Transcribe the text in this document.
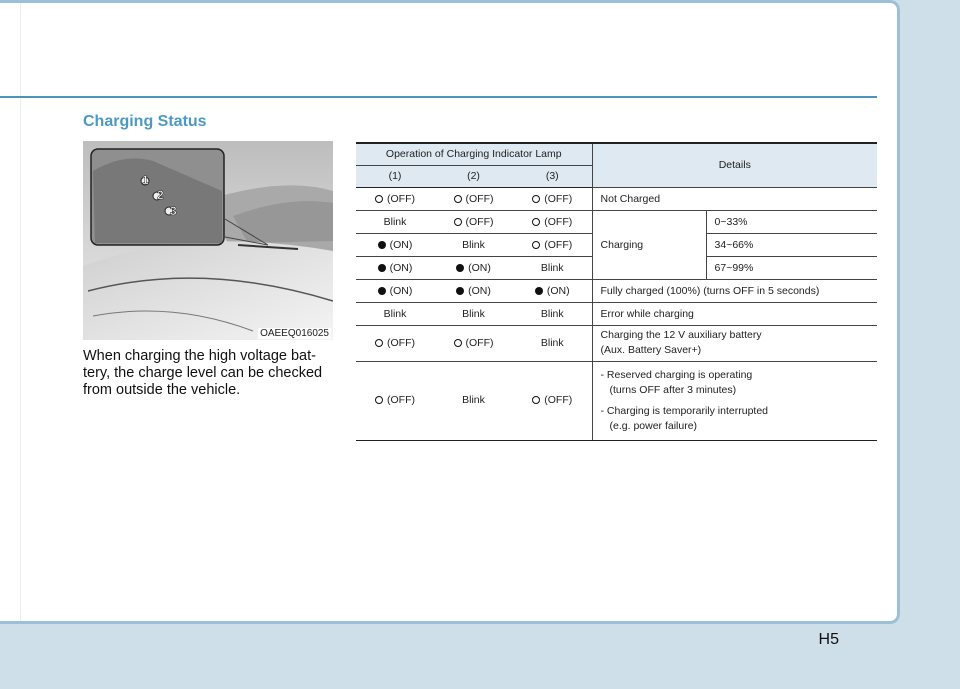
Charging Status
1
2
3
OAEEQ016025

When charging the high voltage bat-tery, the charge level can be checked from outside the vehicle.

Operation of Charging Indicator Lamp			Details	
(1)	(2)	(3)		
(OFF)	(OFF)	(OFF)	Not Charged	
Blink	(OFF)	(OFF)	Charging	0~33%
(ON)	Blink	(OFF)		34~66%
(ON)	(ON)	Blink		67~99%
(ON)	(ON)	(ON)	Fully charged (100%) (turns OFF in 5 seconds)	
Blink	Blink	Blink	Error while charging	
(OFF)	(OFF)	Blink	Charging the 12 V auxiliary battery
(Aux. Battery Saver+)	

(OFF)	Blink	(OFF)	- Reserved charging is operating
(turns OFF after 3 minutes)
- Charging is temporarily interrupted
(e.g. power failure)	
H5
